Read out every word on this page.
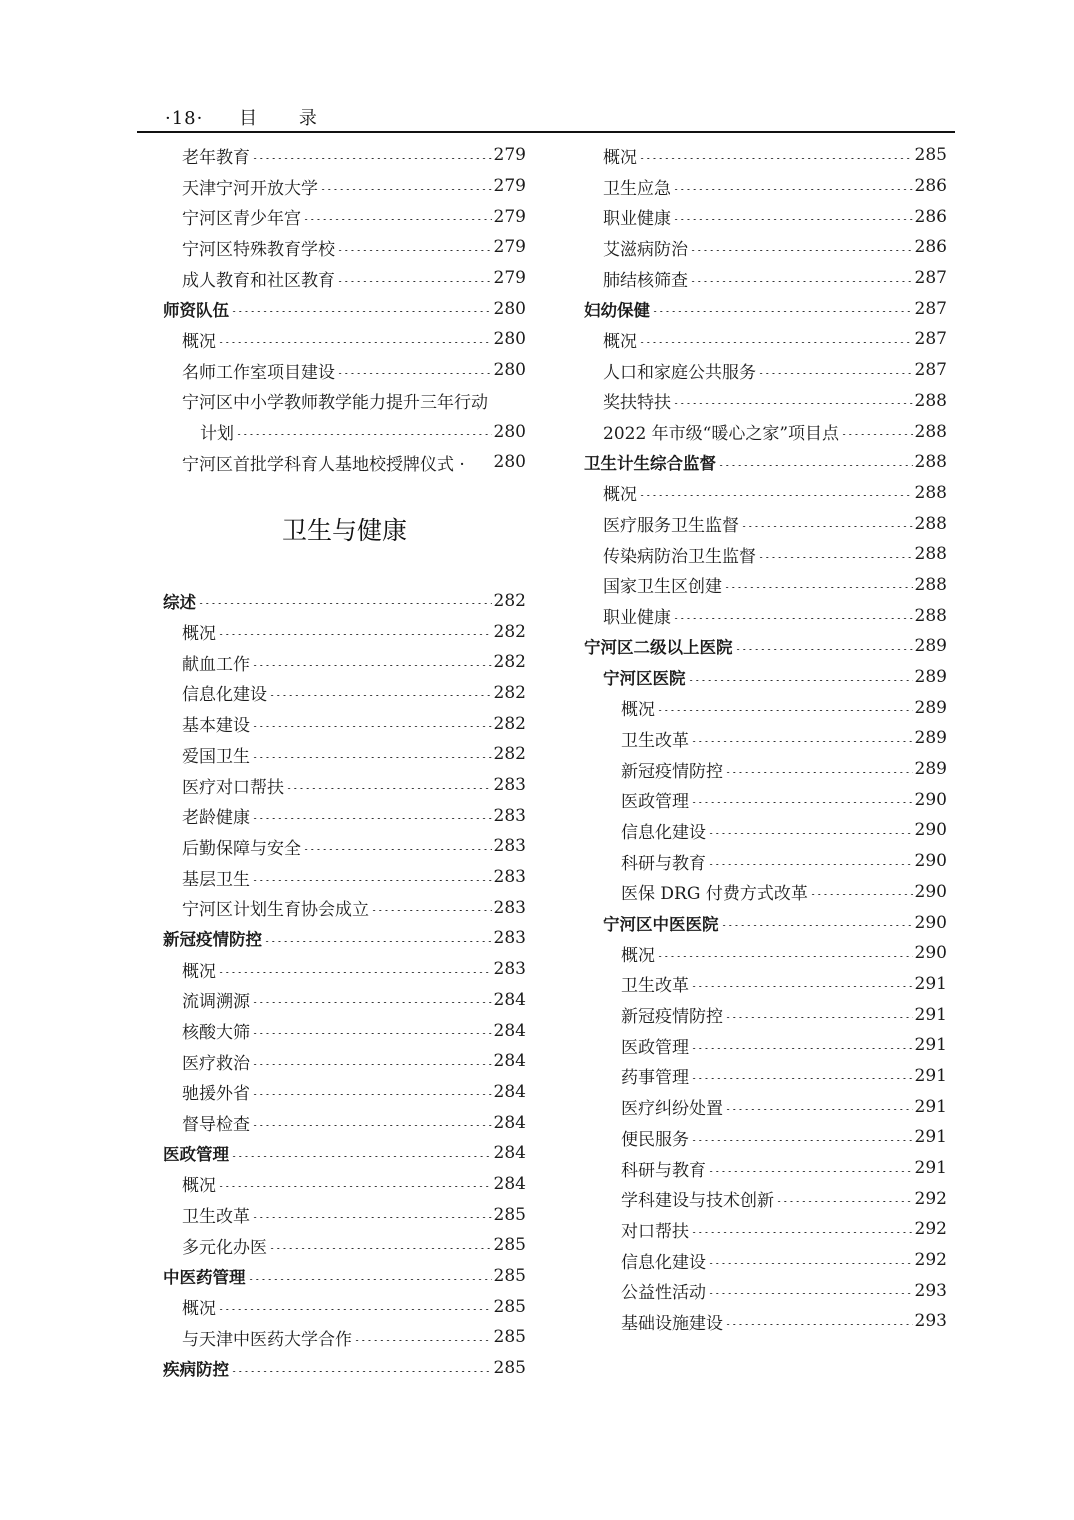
·18· 目 录
老年教育	279
天津宁河开放大学	279
宁河区青少年宫	279
宁河区特殊教育学校	279
成人教育和社区教育	279
师资队伍	280
概况	280
名师工作室项目建设	280
宁河区中小学教师教学能力提升三年行动
计划	280
宁河区首批学科育人基地校授牌仪式 · 280
卫生与健康
综述	282
概况	282
献血工作	282
信息化建设	282
基本建设	282
爱国卫生	282
医疗对口帮扶	283
老龄健康	283
后勤保障与安全	283
基层卫生	283
宁河区计划生育协会成立	283
新冠疫情防控	283
概况	283
流调溯源	284
核酸大筛	284
医疗救治	284
驰援外省	284
督导检查	284
医政管理	284
概况	284
卫生改革	285
多元化办医	285
中医药管理	285
概况	285
与天津中医药大学合作	285
疾病防控	285
概况	285
卫生应急	286
职业健康	286
艾滋病防治	286
肺结核筛查	287
妇幼保健	287
概况	287
人口和家庭公共服务	287
奖扶特扶	288
2022 年市级“暖心之家”项目点	288
卫生计生综合监督	288
概况	288
医疗服务卫生监督	288
传染病防治卫生监督	288
国家卫生区创建	288
职业健康	288
宁河区二级以上医院	289
宁河区医院	289
概况	289
卫生改革	289
新冠疫情防控	289
医政管理	290
信息化建设	290
科研与教育	290
医保 DRG 付费方式改革	290
宁河区中医医院	290
概况	290
卫生改革	291
新冠疫情防控	291
医政管理	291
药事管理	291
医疗纠纷处置	291
便民服务	291
科研与教育	291
学科建设与技术创新	292
对口帮扶	292
信息化建设	292
公益性活动	293
基础设施建设	293
